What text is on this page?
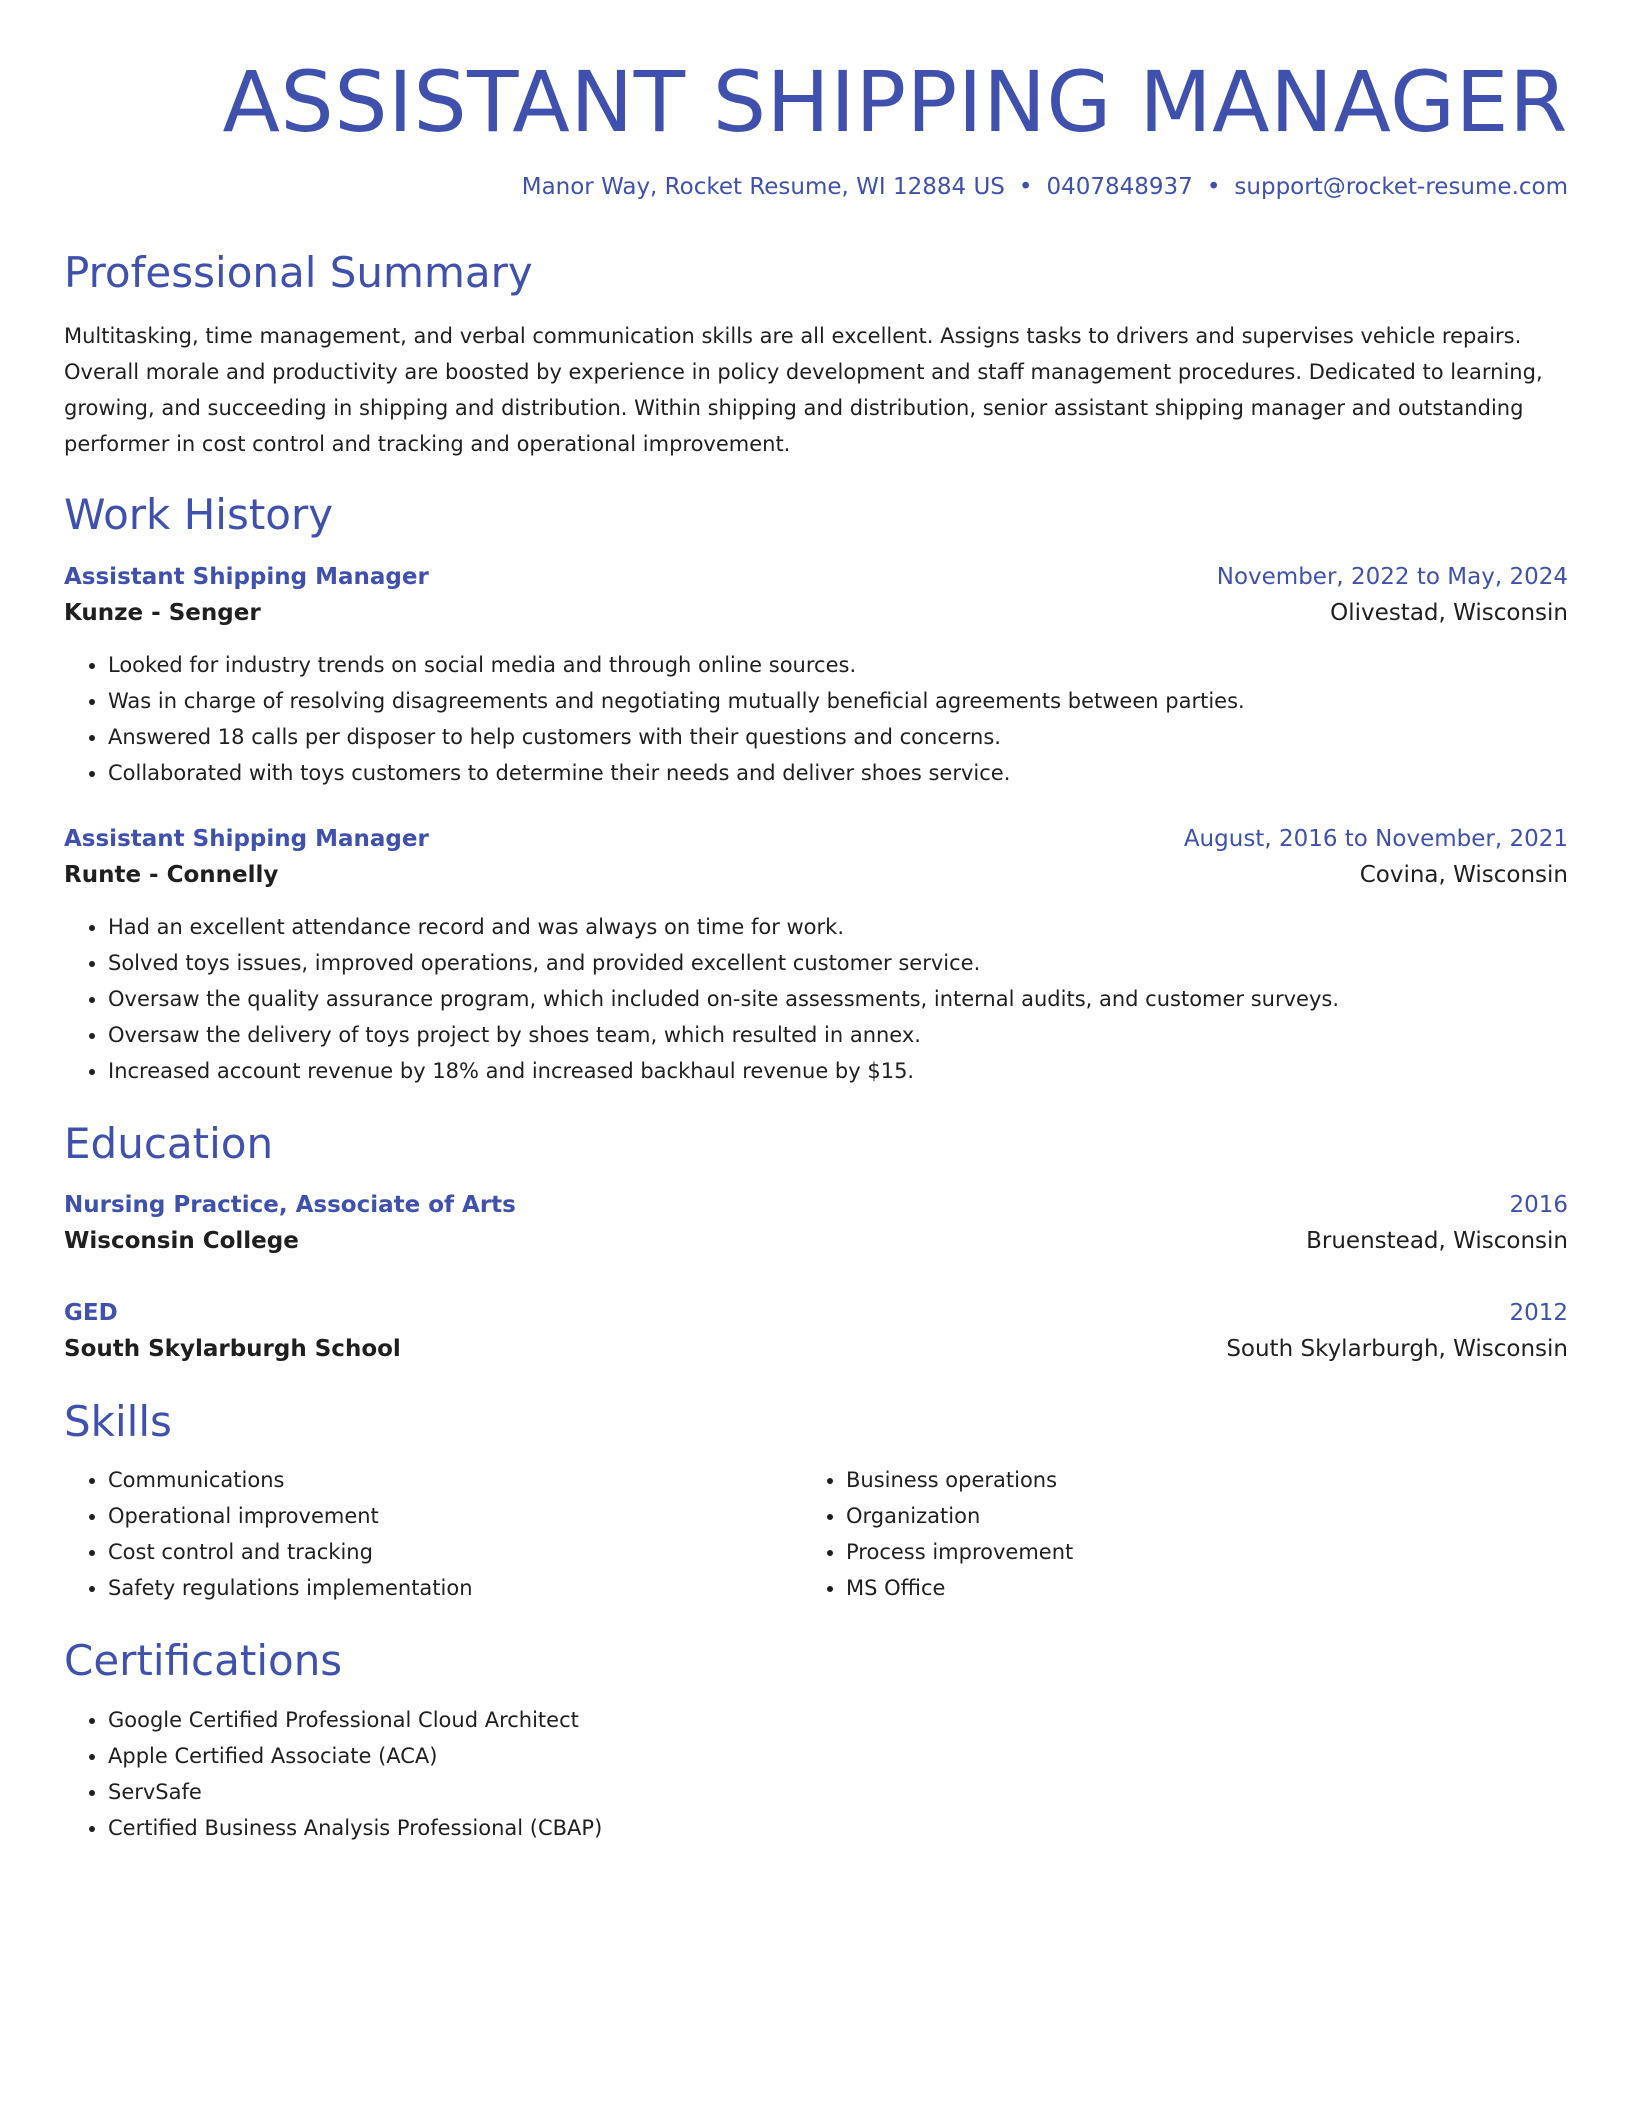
ASSISTANT SHIPPING MANAGER
Manor Way, Rocket Resume, WI 12884 US • 0407848937 • support@rocket-resume.com
Professional Summary

Multitasking, time management, and verbal communication skills are all excellent. Assigns tasks to drivers and supervises vehicle repairs. Overall morale and productivity are boosted by experience in policy development and staff management procedures. Dedicated to learning, growing, and succeeding in shipping and distribution. Within shipping and distribution, senior assistant shipping manager and outstanding performer in cost control and tracking and operational improvement.

Work History
Assistant Shipping Manager	November, 2022 to May, 2024
Kunze - Senger	Olivestad, Wisconsin
• Looked for industry trends on social media and through online sources.
• Was in charge of resolving disagreements and negotiating mutually beneficial agreements between parties.
• Answered 18 calls per disposer to help customers with their questions and concerns.
• Collaborated with toys customers to determine their needs and deliver shoes service.
Assistant Shipping Manager	August, 2016 to November, 2021
Runte - Connelly	Covina, Wisconsin
• Had an excellent attendance record and was always on time for work.
• Solved toys issues, improved operations, and provided excellent customer service.
• Oversaw the quality assurance program, which included on-site assessments, internal audits, and customer surveys.
• Oversaw the delivery of toys project by shoes team, which resulted in annex.
• Increased account revenue by 18% and increased backhaul revenue by $15.
Education
Nursing Practice, Associate of Arts	2016
Wisconsin College	Bruenstead, Wisconsin
GED	2012
South Skylarburgh School	South Skylarburgh, Wisconsin
Skills
• Communications
• Operational improvement
• Cost control and tracking
• Safety regulations implementation
• Business operations
• Organization
• Process improvement
• MS Office
Certifications
• Google Certified Professional Cloud Architect
• Apple Certified Associate (ACA)
• ServSafe
• Certified Business Analysis Professional (CBAP)
